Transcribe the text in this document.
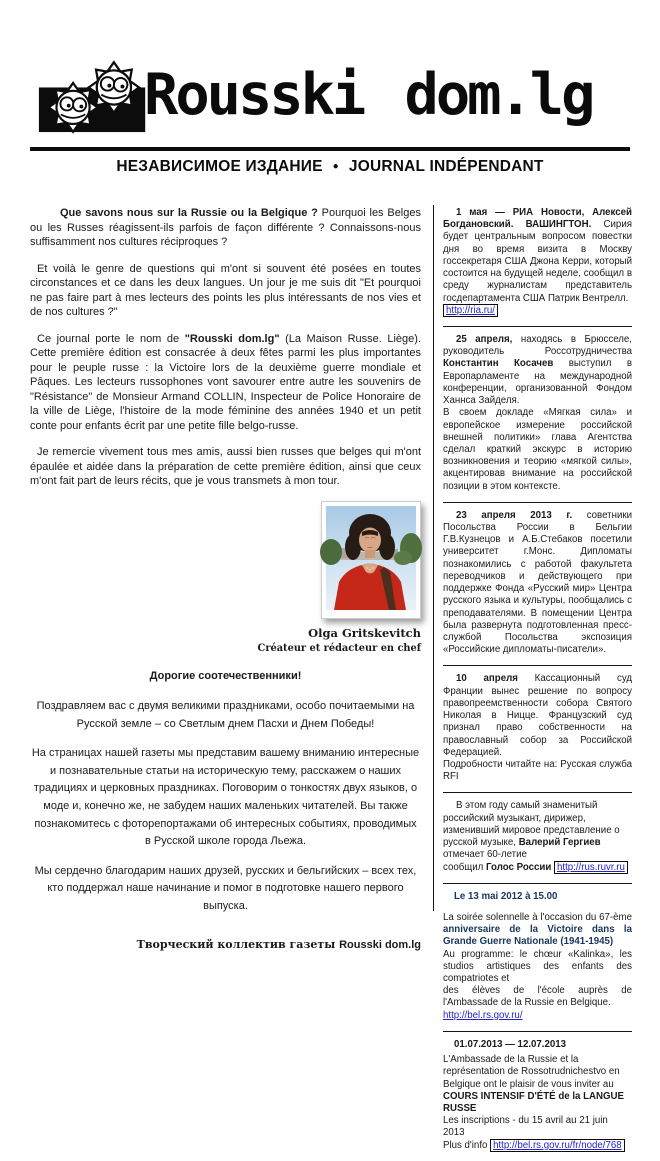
Rousski dom.lg
НЕЗАВИСИМОЕ ИЗДАНИЕ ● JOURNAL INDÉPENDANT

Que savons nous sur la Russie ou la Belgique ? Pourquoi les Belges ou les Russes réagissent-ils parfois de façon différente ? Connaissons-nous suffisamment nos cultures réciproques ?

Et voilà le genre de questions qui m'ont si souvent été posées en toutes circonstances et ce dans les deux langues. Un jour je me suis dit "Et pourquoi ne pas faire part à mes lecteurs des points les plus intéressants de nos vies et de nos cultures ?"

Ce journal porte le nom de "Rousski dom.lg" (La Maison Russe. Liège). Cette première édition est consacrée à deux fêtes parmi les plus importantes pour le peuple russe : la Victoire lors de la deuxième guerre mondiale et Pâques. Les lecteurs russophones vont savourer entre autre les souvenirs de "Résistance" de Monsieur Armand COLLIN, Inspecteur de Police Honoraire de la ville de Liège, l'histoire de la mode féminine des années 1940 et un petit conte pour enfants écrit par une petite fille belgo-russe.

Je remercie vivement tous mes amis, aussi bien russes que belges qui m'ont épaulée et aidée dans la préparation de cette première édition, ainsi que ceux m'ont fait part de leurs récits, que je vous transmets à mon tour.

Olga Gritskevitch
Créateur et rédacteur en chef

Дорогие соотечественники!

Поздравляем вас с двумя великими праздниками, особо почитаемыми на Русской земле – со Светлым днем Пасхи и Днем Победы!

На страницах нашей газеты мы представим вашему вниманию интересные и познавательные статьи на историческую тему, расскажем о наших традициях и церковных праздниках. Поговорим о тонкостях двух языков, о моде и, конечно же, не забудем наших маленьких читателей. Вы также познакомитесь с фоторепортажами об интересных событиях, проводимых в Русской школе города Льежа.

Мы сердечно благодарим наших друзей, русских и бельгийских – всех тех, кто поддержал наше начинание и помог в подготовке нашего первого выпуска.

Творческий коллектив газеты Rousski dom.lg

1 мая — РИА Новости, Алексей Богдановский. ВАШИНГТОН. Сирия будет центральным вопросом повестки дня во время визита в Москву госсекретаря США Джона Керри, который состоится на будущей неделе, сообщил в среду журналистам представитель госдепартамента США Патрик Вентрелл.
http://ria.ru/

25 апреля, находясь в Брюсселе, руководитель Россотрудничества Константин Косачев выступил в Европарламенте на международной конференции, организованной Фондом Ханнса Зайделя.
В своем докладе «Мягкая сила» и европейское измерение российской внешней политики» глава Агентства сделал краткий экскурс в историю возникновения и теорию «мягкой силы», акцентировав внимание на российской позиции в этом контексте.

23 апреля 2013 г. советники Посольства России в Бельгии Г.В.Кузнецов и А.Б.Стебаков посетили университет г.Монс. Дипломаты познакомились с работой факультета переводчиков и действующего при поддержке Фонда «Русский мир» Центра русского языка и культуры, пообщались с преподавателями. В помещении Центра была развернута подготовленная пресс-службой Посольства экспозиция «Российские дипломаты-писатели».

10 апреля Кассационный суд Франции вынес решение по вопросу правопреемственности собора Святого Николая в Ницце. Французский суд признал право собственности на православный собор за Российской Федерацией.
Подробности читайте на: Русская служба RFI

В этом году самый знаменитый российский музыкант, дирижер, изменивший мировое представление о русской музыке, Валерий Гергиев отмечает 60-летие
сообщил Голос России http://rus.ruvr.ru

Le 13 mai 2012 à 15.00

La soirée solennelle à l'occasion du 67-ème anniversaire de la Victoire dans la Grande Guerre Nationale (1941-1945)
Au programme: le chœur «Kalinka», les studios artistiques des enfants des compatriotes et
des élèves de l'école auprès de l'Ambassade de la Russie en Belgique.
http://bel.rs.gov.ru/

01.07.2013 — 12.07.2013

L'Ambassade de la Russie et la représentation de Rossotrudnichestvo en Belgique ont le plaisir de vous inviter au
COURS INTENSIF D'ÉTÉ de la LANGUE RUSSE
Les inscriptions - du 15 avril au 21 juin 2013
Plus d'info http://bel.rs.gov.ru/fr/node/768
